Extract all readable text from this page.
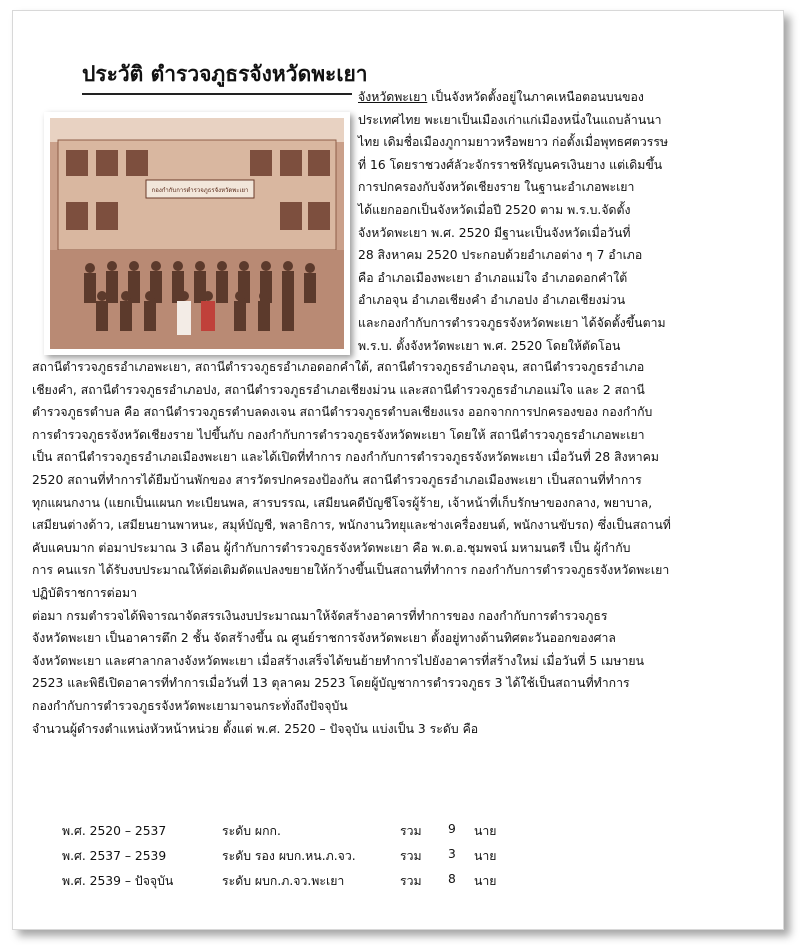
ประวัติ ตำรวจภูธรจังหวัดพะเยา
กองกำกับการตำรวจภูธรจังหวัดพะเยา
จังหวัดพะเยา เป็นจังหวัดตั้งอยู่ในภาคเหนือตอนบนของ
ประเทศไทย พะเยาเป็นเมืองเก่าแก่เมืองหนึ่งในแถบล้านนา
ไทย เดิมชื่อเมืองภูกามยาวหรือพยาว ก่อตั้งเมื่อพุทธศตวรรษ
ที่ 16 โดยราชวงศ์ลัวะจักรราชหิรัญนครเงินยาง แต่เดิมขึ้น
การปกครองกับจังหวัดเชียงราย ในฐานะอำเภอพะเยา
ได้แยกออกเป็นจังหวัดเมื่อปี 2520 ตาม พ.ร.บ.จัดตั้ง
จังหวัดพะเยา พ.ศ. 2520 มีฐานะเป็นจังหวัดเมื่อวันที่
28 สิงหาคม 2520 ประกอบด้วยอำเภอต่าง ๆ 7 อำเภอ
คือ อำเภอเมืองพะเยา อำเภอแม่ใจ อำเภอดอกคำใต้
อำเภอจุน อำเภอเชียงคำ อำเภอปง อำเภอเชียงม่วน
และกองกำกับการตำรวจภูธรจังหวัดพะเยา ได้จัดตั้งขึ้นตาม
พ.ร.บ. ตั้งจังหวัดพะเยา พ.ศ. 2520 โดยให้ตัดโอน
สถานีตำรวจภูธรอำเภอพะเยา, สถานีตำรวจภูธรอำเภอดอกคำใต้, สถานีตำรวจภูธรอำเภอจุน, สถานีตำรวจภูธรอำเภอ
เชียงคำ, สถานีตำรวจภูธรอำเภอปง, สถานีตำรวจภูธรอำเภอเชียงม่วน และสถานีตำรวจภูธรอำเภอแม่ใจ และ 2 สถานี
ตำรวจภูธรตำบล คือ สถานีตำรวจภูธรตำบลดงเจน สถานีตำรวจภูธรตำบลเชียงแรง ออกจากการปกครองของ กองกำกับ
การตำรวจภูธรจังหวัดเชียงราย ไปขึ้นกับ กองกำกับการตำรวจภูธรจังหวัดพะเยา โดยให้ สถานีตำรวจภูธรอำเภอพะเยา
เป็น สถานีตำรวจภูธรอำเภอเมืองพะเยา และได้เปิดที่ทำการ กองกำกับการตำรวจภูธรจังหวัดพะเยา เมื่อวันที่ 28 สิงหาคม
2520 สถานที่ทำการได้ยืมบ้านพักของ สารวัตรปกครองป้องกัน สถานีตำรวจภูธรอำเภอเมืองพะเยา เป็นสถานที่ทำการ
ทุกแผนกงาน (แยกเป็นแผนก ทะเบียนพล, สารบรรณ, เสมียนคดีบัญชีโจรผู้ร้าย, เจ้าหน้าที่เก็บรักษาของกลาง, พยาบาล,
เสมียนต่างด้าว, เสมียนยานพาหนะ, สมุห์บัญชี, พลาธิการ, พนักงานวิทยุและช่างเครื่องยนต์, พนักงานขับรถ) ซึ่งเป็นสถานที่
คับแคบมาก ต่อมาประมาณ 3 เดือน ผู้กำกับการตำรวจภูธรจังหวัดพะเยา คือ พ.ต.อ.ชุมพจน์ มหามนตรี เป็น ผู้กำกับ
การ คนแรก ได้รับงบประมาณให้ต่อเติมดัดแปลงขยายให้กว้างขึ้นเป็นสถานที่ทำการ กองกำกับการตำรวจภูธรจังหวัดพะเยา
ปฏิบัติราชการต่อมา
ต่อมา กรมตำรวจได้พิจารณาจัดสรรเงินงบประมาณมาให้จัดสร้างอาคารที่ทำการของ กองกำกับการตำรวจภูธร
จังหวัดพะเยา เป็นอาคารตึก 2 ชั้น จัดสร้างขึ้น ณ ศูนย์ราชการจังหวัดพะเยา ตั้งอยู่ทางด้านทิศตะวันออกของศาล
จังหวัดพะเยา และศาลากลางจังหวัดพะเยา เมื่อสร้างเสร็จได้ขนย้ายทำการไปยังอาคารที่สร้างใหม่ เมื่อวันที่ 5 เมษายน
2523 และพิธีเปิดอาคารที่ทำการเมื่อวันที่ 13 ตุลาคม 2523 โดยผู้บัญชาการตำรวจภูธร 3 ได้ใช้เป็นสถานที่ทำการ
กองกำกับการตำรวจภูธรจังหวัดพะเยามาจนกระทั่งถึงปัจจุบัน
จำนวนผู้ดำรงตำแหน่งหัวหน้าหน่วย ตั้งแต่ พ.ศ. 2520 – ปัจจุบัน แบ่งเป็น 3 ระดับ คือ
พ.ศ. 2520 – 2537	ระดับ ผกก.	รวม 9 นาย
พ.ศ. 2537 – 2539	ระดับ รอง ผบก.หน.ภ.จว.	รวม 3 นาย
พ.ศ. 2539 – ปัจจุบัน	ระดับ ผบก.ภ.จว.พะเยา	รวม 8 นาย
